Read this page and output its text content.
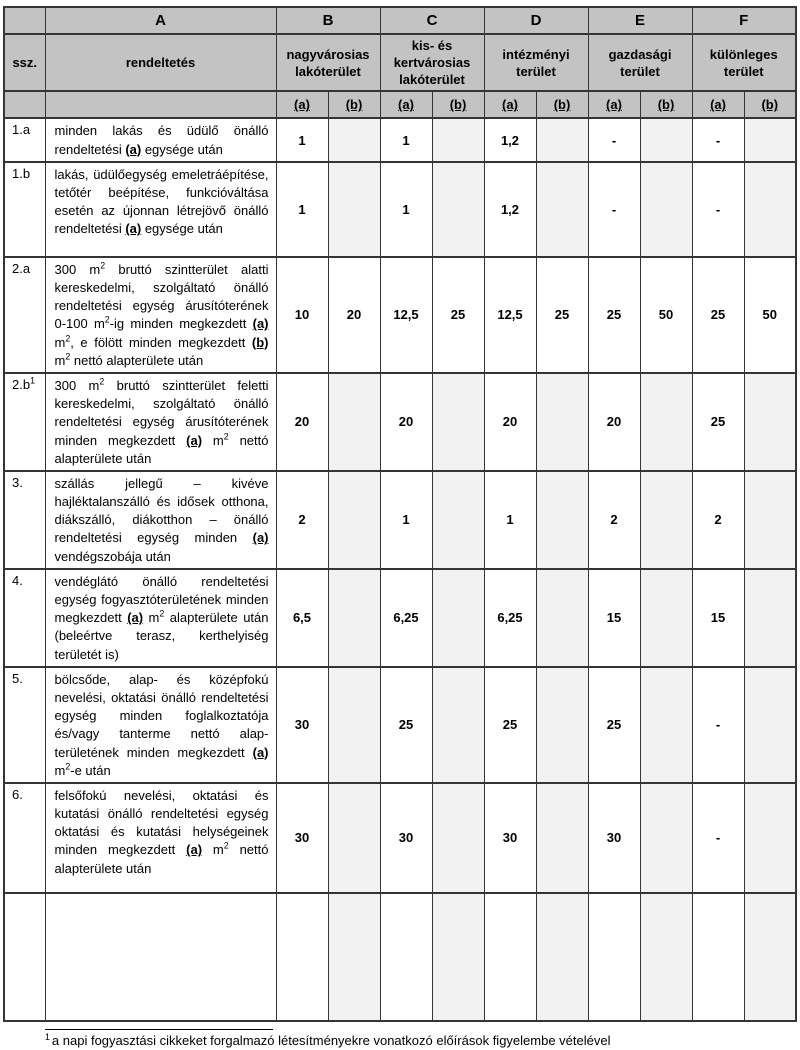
	A	B		C		D		E		F	
ssz.	rendeltetés	nagyvárosias lakóterület		kis- és kertvárosias lakóterület		intézményi terület		gazdasági terület		különleges terület	
		(a)	(b)	(a)	(b)	(a)	(b)	(a)	(b)	(a)	(b)
1.a	minden lakás és üdülő önálló rendeltetési (a) egysége után	1		1		1,2		-		-	
1.b	lakás, üdülőegység emeletráépítése, tetőtér beépítése, funkcióváltása esetén az újonnan létrejövő önálló rendeltetési (a) egysége után	1		1		1,2		-		-	
2.a	300 $m^2$ bruttó szintterület alatti kereskedelmi, szolgáltató önálló rendeltetési egység árusítóterének 0-100 $m^2-ig$ minden megkezdett (a) $m^2$, e fölött minden megkezdett (b) $m^2$ nettó alapterülete után	10	20	12,5	25	12,5	25	25	50	25	50
$2.b^1$	300 $m^2$ bruttó szintterület feletti kereskedelmi, szolgáltató önálló rendeltetési egység árusítóterének minden megkezdett (a) $m^2$ nettó alapterülete után	20		20		20		20		25	
3.	szállás jellegű – kivéve hajléktalanszálló és idősek otthona, diákszálló, diákotthon – önálló rendeltetési egység minden (a) vendégszobája után	2		1		1		2		2	
4.	vendéglátó önálló rendeltetési egység fogyasztóterületének minden megkezdett (a) $m^2$ alapterülete után (beleértve terasz, kerthelyiség területét is)	6,5		6,25		6,25		15		15	
5.	bölcsőde, alap- és középfokú nevelési, oktatási önálló rendeltetési egység minden foglalkoztatója és/vagy tanterme nettó alap-területének minden megkezdett (a) $m^2-e$ után	30		25		25		25		-	
6.	felsőfokú nevelési, oktatási és kutatási önálló rendeltetési egység oktatási és kutatási helységeinek minden megkezdett (a) $m^2$ nettó alapterülete után	30		30		30		30		-	

$^1$ a napi fogyasztási cikkeket forgalmazó létesítményekre vonatkozó előírások figyelembe vételével
